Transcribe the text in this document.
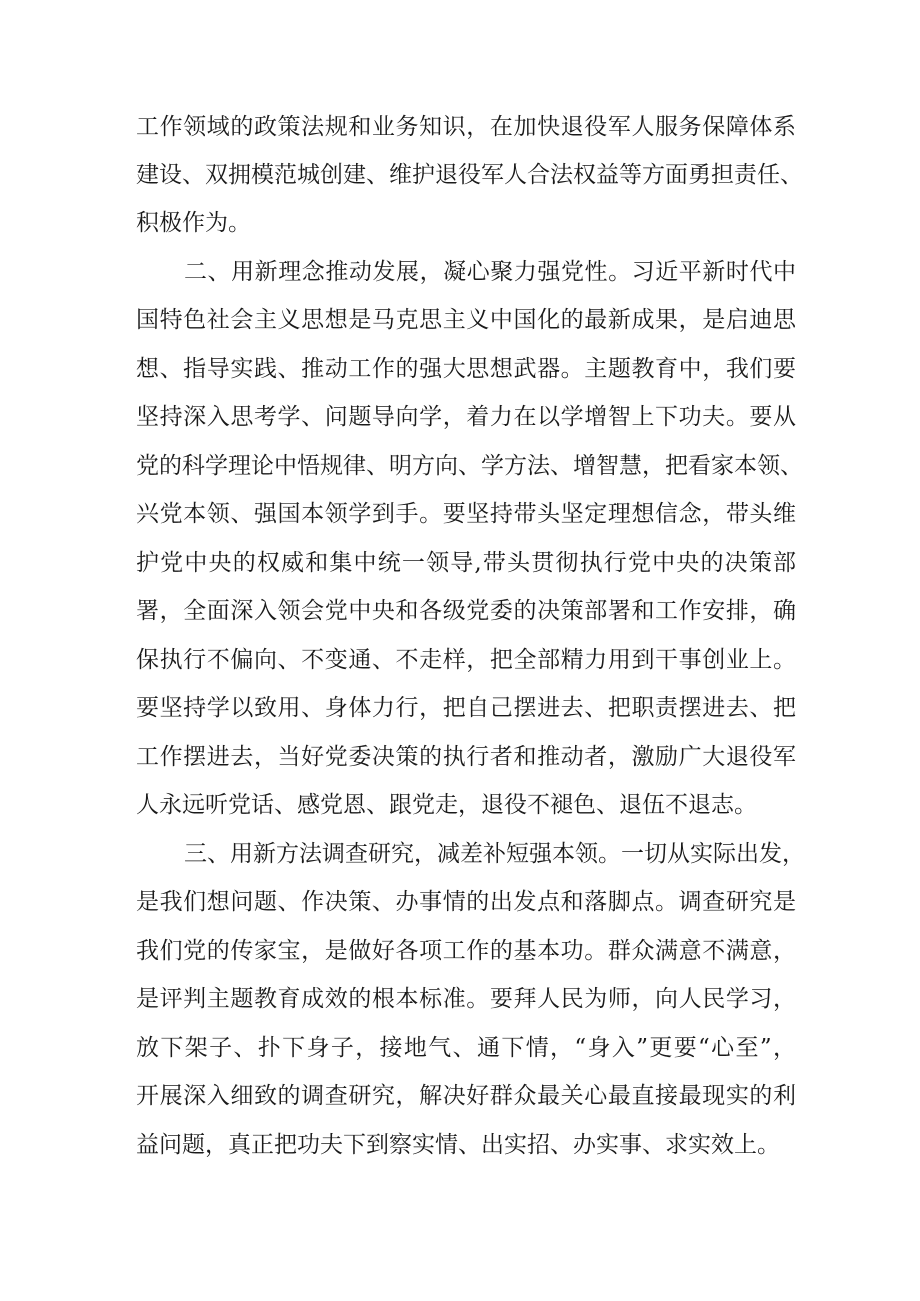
工作领域的政策法规和业务知识，在加快退役军人服务保障体系
建设、双拥模范城创建、维护退役军人合法权益等方面勇担责任、
积极作为。
二、用新理念推动发展，凝心聚力强党性。习近平新时代中
国特色社会主义思想是马克思主义中国化的最新成果，是启迪思
想、指导实践、推动工作的强大思想武器。主题教育中，我们要
坚持深入思考学、问题导向学，着力在以学增智上下功夫。要从
党的科学理论中悟规律、明方向、学方法、增智慧，把看家本领、
兴党本领、强国本领学到手。要坚持带头坚定理想信念，带头维
护党中央的权威和集中统一领导,带头贯彻执行党中央的决策部
署，全面深入领会党中央和各级党委的决策部署和工作安排，确
保执行不偏向、不变通、不走样，把全部精力用到干事创业上。
要坚持学以致用、身体力行，把自己摆进去、把职责摆进去、把
工作摆进去，当好党委决策的执行者和推动者，激励广大退役军
人永远听党话、感党恩、跟党走，退役不褪色、退伍不退志。
三、用新方法调查研究，减差补短强本领。一切从实际出发，
是我们想问题、作决策、办事情的出发点和落脚点。调查研究是
我们党的传家宝，是做好各项工作的基本功。群众满意不满意，
是评判主题教育成效的根本标准。要拜人民为师，向人民学习，
放下架子、扑下身子，接地气、通下情，“身入”更要“心至”，
开展深入细致的调查研究，解决好群众最关心最直接最现实的利
益问题，真正把功夫下到察实情、出实招、办实事、求实效上。
